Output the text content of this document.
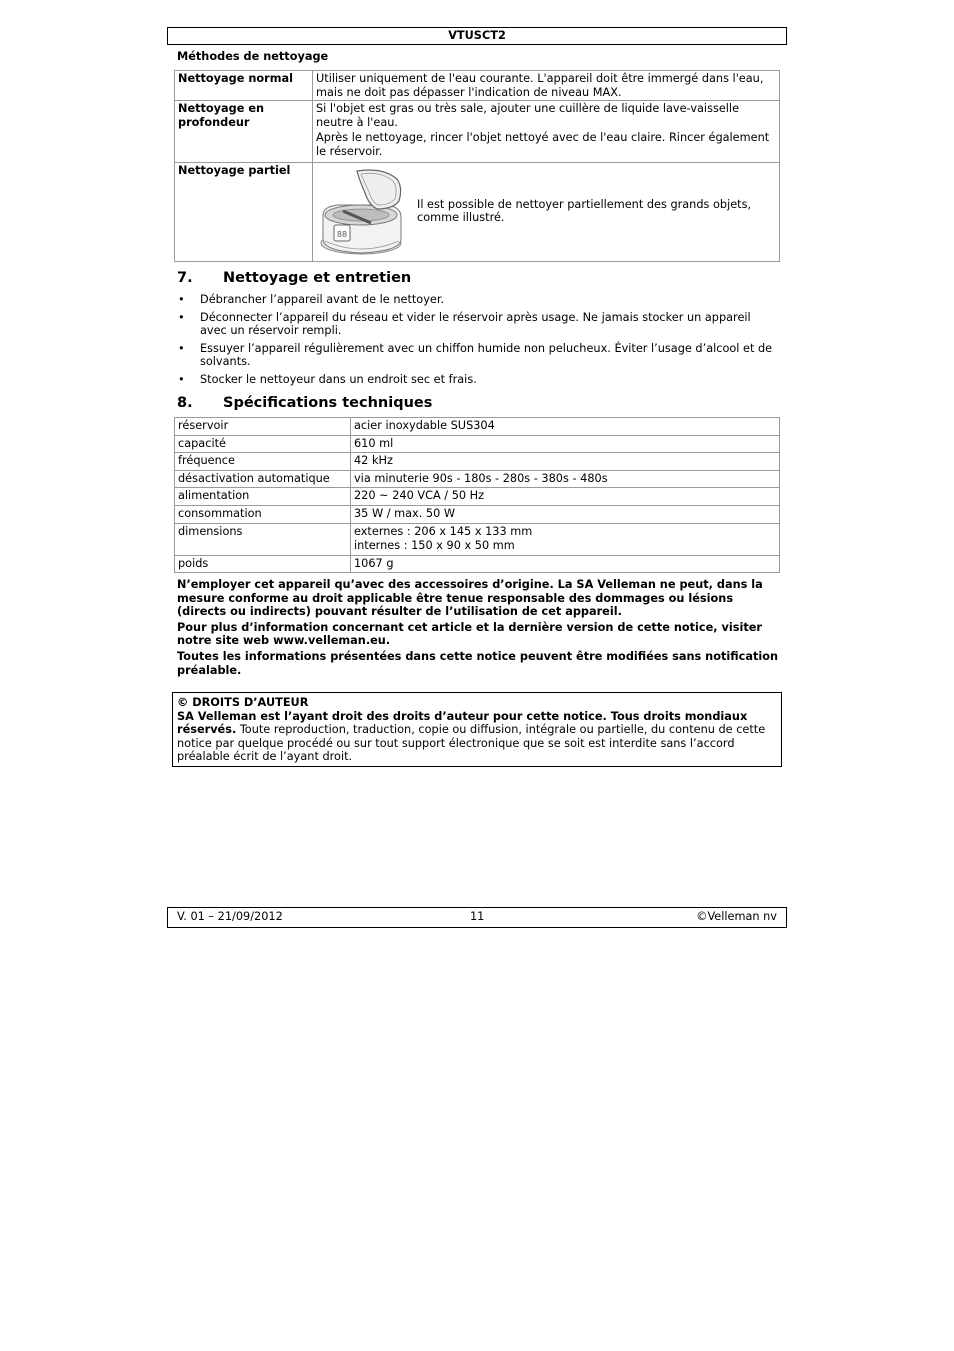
VTUSCT2
Méthodes de nettoyage
Nettoyage normal	Utiliser uniquement de l'eau courante. L'appareil doit être immergé dans l'eau, mais ne doit pas dépasser l'indication de niveau MAX.
Nettoyage en profondeur	Si l'objet est gras ou très sale, ajouter une cuillère de liquide lave-vaisselle neutre à l'eau.

Après le nettoyage, rincer l'objet nettoyé avec de l'eau claire. Rincer également le réservoir.

Nettoyage partiel	88
Il est possible de nettoyer partiellement des grands objets, comme illustré.
7. Nettoyage et entretien
• Débrancher l’appareil avant de le nettoyer.
• Déconnecter l’appareil du réseau et vider le réservoir après usage. Ne jamais stocker un appareil avec un réservoir rempli.
• Essuyer l’appareil régulièrement avec un chiffon humide non pelucheux. Éviter l’usage d’alcool et de solvants.
• Stocker le nettoyeur dans un endroit sec et frais.
8. Spécifications techniques
réservoir	acier inoxydable SUS304
capacité	610 ml
fréquence	42 kHz
désactivation automatique	via minuterie 90s - 180s - 280s - 380s - 480s
alimentation	220 ~ 240 VCA / 50 Hz
consommation	35 W / max. 50 W
dimensions	externes : 206 x 145 x 133 mm
internes : 150 x 90 x 50 mm

poids	1067 g

N’employer cet appareil qu’avec des accessoires d’origine. La SA Velleman ne peut, dans la mesure conforme au droit applicable être tenue responsable des dommages ou lésions (directs ou indirects) pouvant résulter de l’utilisation de cet appareil.

Pour plus d’information concernant cet article et la dernière version de cette notice, visiter notre site web www.velleman.eu.

Toutes les informations présentées dans cette notice peuvent être modifiées sans notification préalable.

© DROITS D’AUTEUR
SA Velleman est l’ayant droit des droits d’auteur pour cette notice. Tous droits mondiaux réservés. Toute reproduction, traduction, copie ou diffusion, intégrale ou partielle, du contenu de cette notice par quelque procédé ou sur tout support électronique que se soit est interdite sans l’accord préalable écrit de l’ayant droit.
V. 01 – 21/09/2012	11	©Velleman nv
